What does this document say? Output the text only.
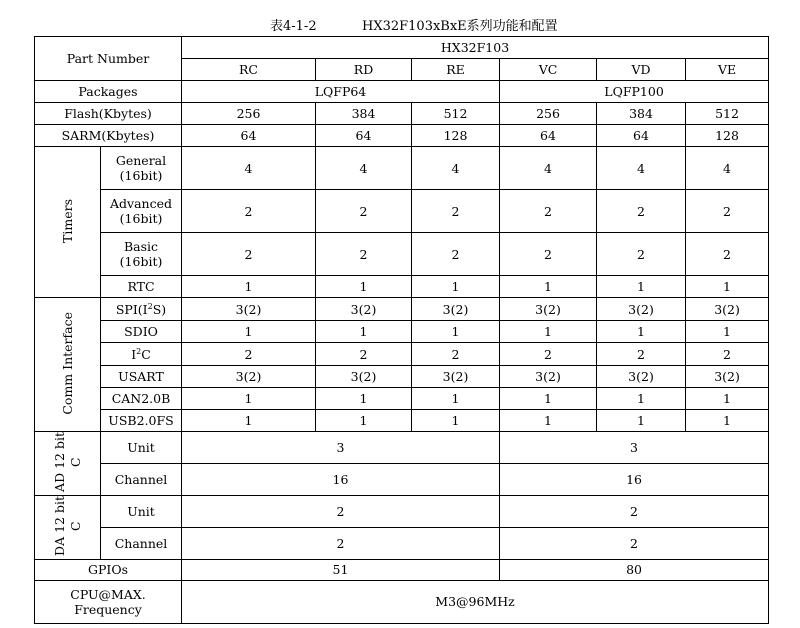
表4-1-2	HX32F103xBxE系列功能和配置
Part Number		HX32F103					
		RC	RD	RE	VC	VD	VE
Packages		LQFP64			LQFP100		
Flash(Kbytes)		256	384	512	256	384	512
SARM(Kbytes)		64	64	128	64	64	128
Timers	General (16bit)	4	4	4	4	4	4
	Advanced (16bit)	2	2	2	2	2	2
	Basic (16bit)	2	2	2	2	2	2
	RTC	1	1	1	1	1	1
Comm Interface	$SPI(I^2S)$	3(2)	3(2)	3(2)	3(2)	3(2)	3(2)
	SDIO	1	1	1	1	1	1
	$I^2C$	2	2	2	2	2	2
	USART	3(2)	3(2)	3(2)	3(2)	3(2)	3(2)
	CAN2.0B	1	1	1	1	1	1
	USB2.0FS	1	1	1	1	1	1
AD 12 bit
C	Unit	3			3		
	Channel	16			16		
DA 12 bit
C	Unit	2			2		
	Channel	2			2		
GPIOs		51			80		
CPU@MAX. Frequency		M3@96MHz					
